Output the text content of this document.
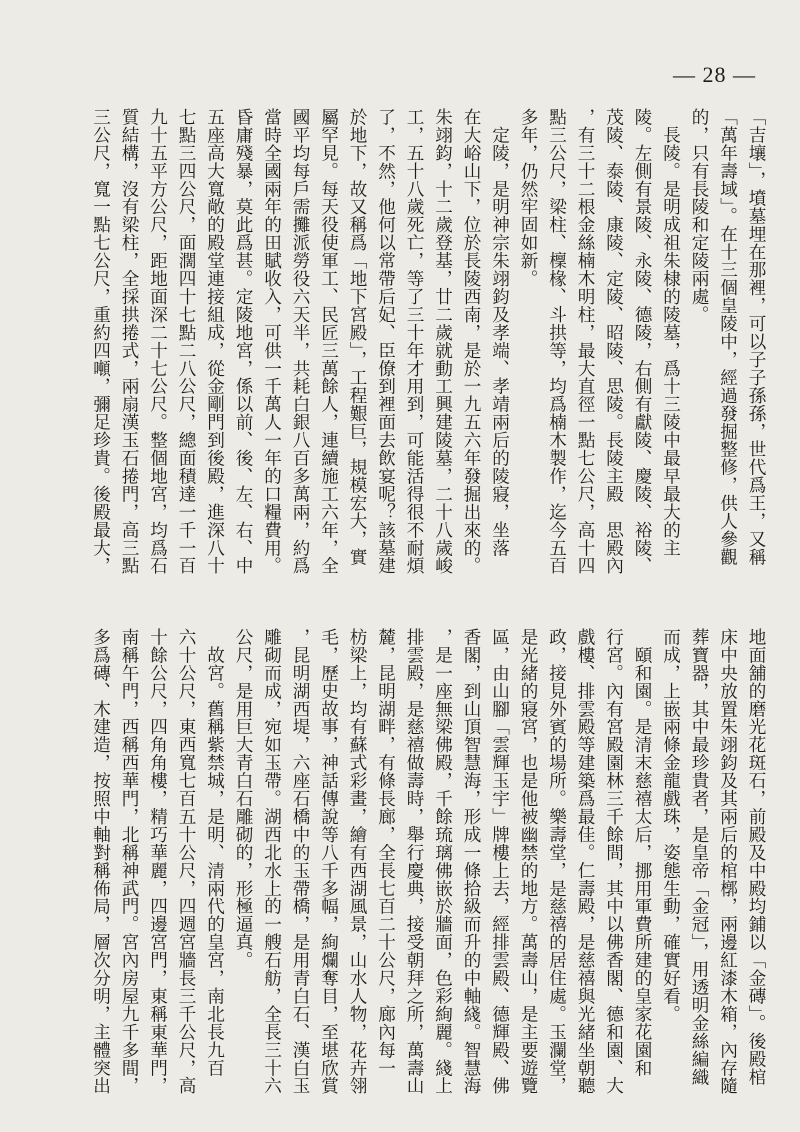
— 28 —
「吉壤」，墳墓埋在那裡，可以子子孫孫，世代爲王，又稱
「萬年壽域」。在十三個皇陵中，經過發掘整修，供人參觀
的，只有長陵和定陵兩處。
　長陵。是明成祖朱棣的陵墓，爲十三陵中最早最大的主
陵。左側有景陵、永陵、德陵，右側有獻陵、慶陵、裕陵、
茂陵、泰陵、康陵、定陵、昭陵、思陵。長陵主殿　思殿內
，有三十二根金絲楠木明柱，最大直徑一點七公尺，高十四
點三公尺，梁柱、檁椽、斗拱等，均爲楠木製作，迄今五百
多年，仍然牢固如新。
　定陵，是明神宗朱翊鈞及孝端、孝靖兩后的陵寢，坐落
在大峪山下，位於長陵西南，是於一九五六年發掘出來的。
朱翊鈞，十二歲登基，廿二歲就動工興建陵墓，二十八歲峻
工，五十八歲死亡，等了三十年才用到，可能活得很不耐煩
了，不然，他何以常帶后妃、臣僚到裡面去飲宴呢？該墓建
於地下，故又稱爲「地下宮殿」，工程艱巨，規模宏大，實
屬罕見。每天役使軍工、民匠三萬餘人，連續施工六年，全
國平均每戶需攤派勞役六天半，共耗白銀八百多萬兩，約爲
當時全國兩年的田賦收入，可供一千萬人一年的口糧費用。
昏庸殘暴，莫此爲甚。定陵地宮，係以前、後、左、右、中
五座高大寬敞的殿堂連接組成，從金剛門到後殿，進深八十
七點三四公尺，面濶四十七點二八公尺，總面積達一千一百
九十五平方公尺，距地面深二十七公尺。整個地宮，均爲石
質結構，沒有梁柱，全採拱捲式，兩扇漢玉石捲門，高三點
三公尺，寬一點七公尺，重約四噸，彌足珍貴。後殿最大，
地面舖的磨光花斑石，前殿及中殿均鋪以「金磚」。後殿棺
床中央放置朱翊鈞及其兩后的棺槨，兩邊紅漆木箱，內存隨
葬寶器，其中最珍貴者，是皇帝「金冠」，用透明金絲編織
而成，上嵌兩條金龍戲珠，姿態生動，確實好看。
　頤和園。是清末慈禧太后，挪用軍費所建的皇家花園和
行宮。內有宮殿園林三千餘間，其中以佛香閣、德和園、大
戲樓、排雲殿等建築爲最佳。仁壽殿，是慈禧與光緒坐朝聽
政，接見外賓的場所。樂壽堂，是慈禧的居住處。玉瀾堂，
是光緒的寢宮，也是他被幽禁的地方。萬壽山，是主要遊覽
區，由山腳「雲輝玉宇」牌樓上去，經排雲殿、德輝殿、佛
香閣，到山頂智慧海，形成一條拾級而升的中軸綫。智慧海
，是一座無梁佛殿，千餘琉璃佛嵌於牆面，色彩絢麗。綫上
排雲殿，是慈禧做壽時，舉行慶典，接受朝拜之所，萬壽山
麓，昆明湖畔，有條長廊，全長七百二十公尺，廊內每一
枋梁上，均有蘇式彩畫，繪有西湖風景，山水人物，花卉翎
毛，歷史故事，神話傳說等八千多幅，絢爛奪目，至堪欣賞
，昆明湖西堤，六座石橋中的玉帶橋，是用青白石、漢白玉
雕砌而成，宛如玉帶。湖西北水上的一艘石舫，全長三十六
公尺，是用巨大青白石雕砌的，形極逼真。
　故宮。舊稱紫禁城，是明、清兩代的皇宮，南北長九百
六十公尺，東西寬七百五十公尺，四週宮牆長三千公尺，高
十餘公尺，四角角樓，精巧華麗，四邊宮門，東稱東華門，
南稱午門，西稱西華門，北稱神武門。宮內房屋九千多間，
多爲磚、木建造，按照中軸對稱佈局，層次分明，主體突出
